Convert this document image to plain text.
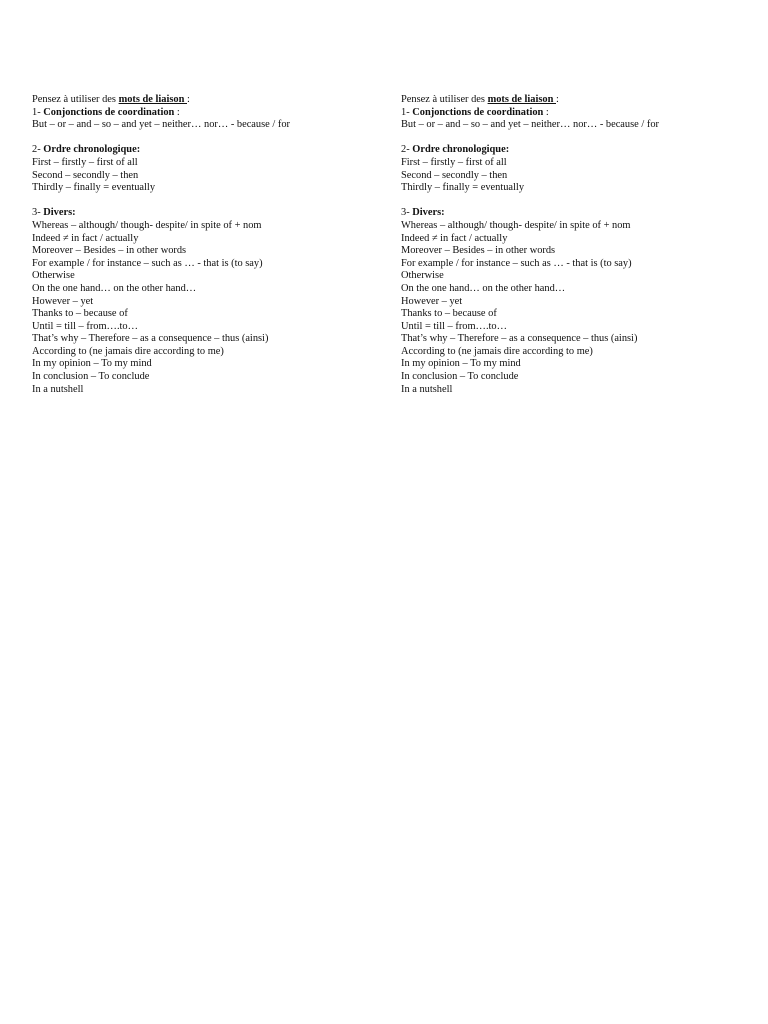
Pensez à utiliser des mots de liaison :
1- Conjonctions de coordination :
But – or – and – so – and yet – neither… nor… - because / for
2- Ordre chronologique:
First – firstly – first of all
Second – secondly – then
Thirdly – finally = eventually
3- Divers:
Whereas – although/ though- despite/ in spite of + nom
Indeed ≠ in fact / actually
Moreover – Besides – in other words
For example / for instance – such as … - that is (to say)
Otherwise
On the one hand… on the other hand…
However – yet
Thanks to – because of
Until = till – from….to…
That’s why – Therefore – as a consequence – thus (ainsi)
According to (ne jamais dire according to me)
In my opinion – To my mind
In conclusion – To conclude
In a nutshell
Pensez à utiliser des mots de liaison :
1- Conjonctions de coordination :
But – or – and – so – and yet – neither… nor… - because / for
2- Ordre chronologique:
First – firstly – first of all
Second – secondly – then
Thirdly – finally = eventually
3- Divers:
Whereas – although/ though- despite/ in spite of + nom
Indeed ≠ in fact / actually
Moreover – Besides – in other words
For example / for instance – such as … - that is (to say)
Otherwise
On the one hand… on the other hand…
However – yet
Thanks to – because of
Until = till – from….to…
That’s why – Therefore – as a consequence – thus (ainsi)
According to (ne jamais dire according to me)
In my opinion – To my mind
In conclusion – To conclude
In a nutshell
